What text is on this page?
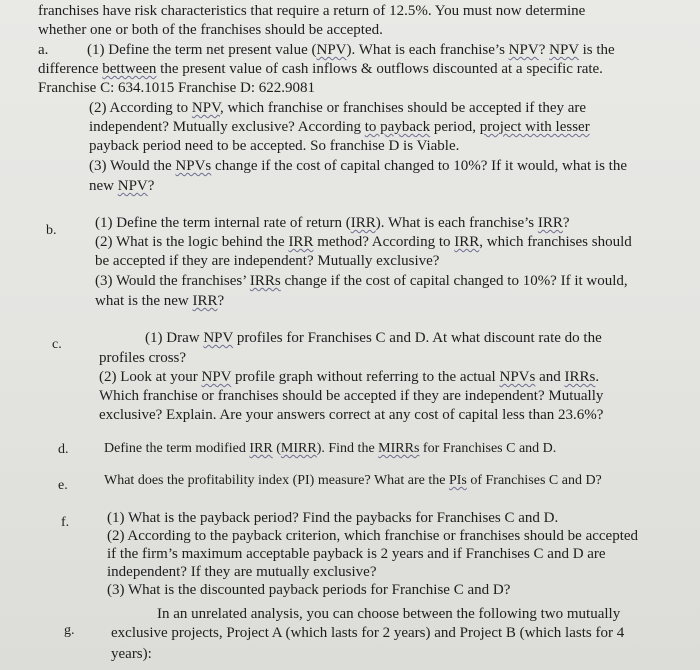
franchises have risk characteristics that require a return of 12.5%. You must now determine
whether one or both of the franchises should be accepted.
a.	(1) Define the term net present value (NPV). What is each franchise’s NPV? NPV is the
difference bettween the present value of cash inflows & outflows discounted at a specific rate.
Franchise C: 634.1015 Franchise D: 622.9081
(2) According to NPV, which franchise or franchises should be accepted if they are
independent? Mutually exclusive? According to payback period, project with lesser
payback period need to be accepted. So franchise D is Viable.
(3) Would the NPVs change if the cost of capital changed to 10%? If it would, what is the
new NPV?
b.	(1) Define the term internal rate of return (IRR). What is each franchise’s IRR?
(2) What is the logic behind the IRR method? According to IRR, which franchises should
be accepted if they are independent? Mutually exclusive?
(3) Would the franchises’ IRRs change if the cost of capital changed to 10%? If it would,
what is the new IRR?
c.	(1) Draw NPV profiles for Franchises C and D. At what discount rate do the
profiles cross?
(2) Look at your NPV profile graph without referring to the actual NPVs and IRRs.
Which franchise or franchises should be accepted if they are independent? Mutually
exclusive? Explain. Are your answers correct at any cost of capital less than 23.6%?
d.	Define the term modified IRR (MIRR). Find the MIRRs for Franchises C and D.
e.	What does the profitability index (PI) measure? What are the PIs of Franchises C and D?
f.	(1) What is the payback period? Find the paybacks for Franchises C and D.
(2) According to the payback criterion, which franchise or franchises should be accepted
if the firm’s maximum acceptable payback is 2 years and if Franchises C and D are
independent? If they are mutually exclusive?
(3) What is the discounted payback periods for Franchise C and D?
g.
In an unrelated analysis, you can choose between the following two mutually
exclusive projects, Project A (which lasts for 2 years) and Project B (which lasts for 4
years):
